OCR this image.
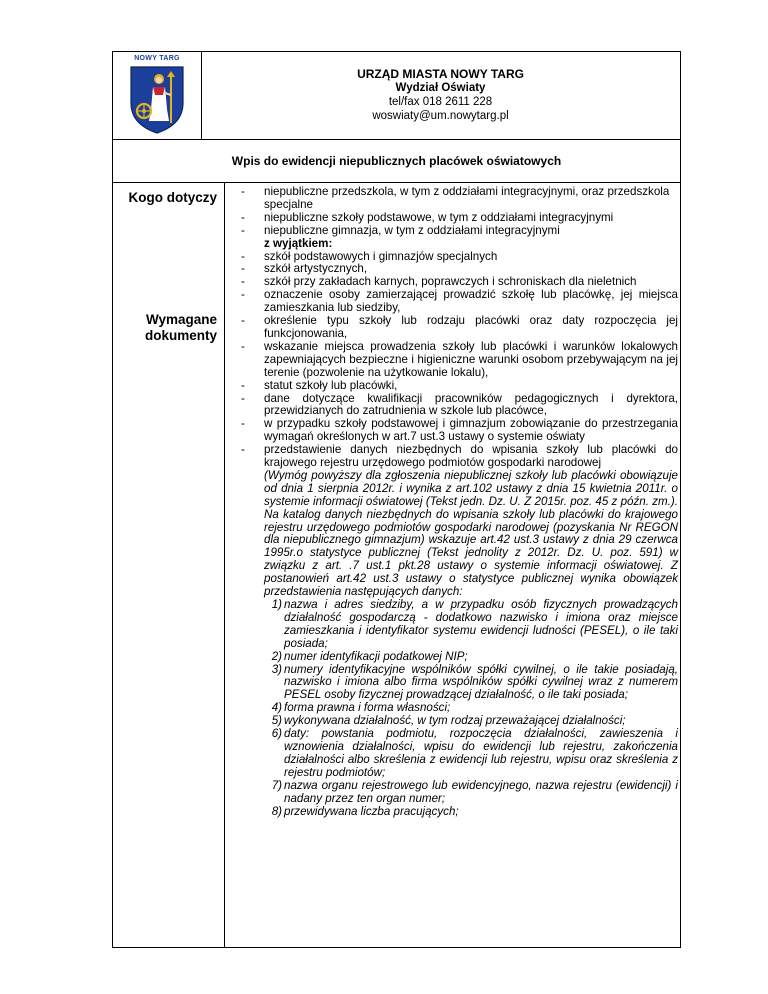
NOWY TARG
URZĄD MIASTA NOWY TARG
Wydział Oświaty
tel/fax 018 2611 228
woswiaty@um.nowytarg.pl
Wpis do ewidencji niepublicznych placówek oświatowych
Kogo dotyczy
Wymagane
dokumenty
- niepubliczne przedszkola, w tym z oddziałami integracyjnymi, oraz przedszkola specjalne
- niepubliczne szkoły podstawowe, w tym z oddziałami integracyjnymi
- niepubliczne gimnazja, w tym z oddziałami integracyjnymi
z wyjątkiem:
- szkół podstawowych i gimnazjów specjalnych
- szkół artystycznych,
- szkół przy zakładach karnych, poprawczych i schroniskach dla nieletnich
- oznaczenie osoby zamierzającej prowadzić szkołę lub placówkę, jej miejsca zamieszkania lub siedziby,
- określenie typu szkoły lub rodzaju placówki oraz daty rozpoczęcia jej funkcjonowania,
- wskazanie miejsca prowadzenia szkoły lub placówki i warunków lokalowych zapewniających bezpieczne i higieniczne warunki osobom przebywającym na jej terenie (pozwolenie na użytkowanie lokalu),
- statut szkoły lub placówki,
- dane dotyczące kwalifikacji pracowników pedagogicznych i dyrektora, przewidzianych do zatrudnienia w szkole lub placówce,
- w przypadku szkoły podstawowej i gimnazjum zobowiązanie do przestrzegania wymagań określonych w art.7 ust.3 ustawy o systemie oświaty
- przedstawienie danych niezbędnych do wpisania szkoły lub placówki do krajowego rejestru urzędowego podmiotów gospodarki narodowej
(Wymóg powyższy dla zgłoszenia niepublicznej szkoły lub placówki obowiązuje od dnia 1 sierpnia 2012r. i wynika z art.102 ustawy z dnia 15 kwietnia 2011r. o systemie informacji oświatowej (Tekst jedn. Dz. U. Z 2015r. poz. 45 z późn. zm.). Na katalog danych niezbędnych do wpisania szkoły lub placówki do krajowego rejestru urzędowego podmiotów gospodarki narodowej (pozyskania Nr REGON dla niepublicznego gimnazjum) wskazuje art.42 ust.3 ustawy z dnia 29 czerwca 1995r.o statystyce publicznej (Tekst jednolity z 2012r. Dz. U. poz. 591) w związku z art. .7 ust.1 pkt.28 ustawy o systemie informacji oświatowej. Z postanowień art.42 ust.3 ustawy o statystyce publicznej wynika obowiązek przedstawienia następujących danych:
1) nazwa i adres siedziby, a w przypadku osób fizycznych prowadzących działalność gospodarczą - dodatkowo nazwisko i imiona oraz miejsce zamieszkania i identyfikator systemu ewidencji ludności (PESEL), o ile taki posiada;
2) numer identyfikacji podatkowej NIP;
3) numery identyfikacyjne wspólników spółki cywilnej, o ile takie posiadają, nazwisko i imiona albo firma wspólników spółki cywilnej wraz z numerem PESEL osoby fizycznej prowadzącej działalność, o ile taki posiada;
4) forma prawna i forma własności;
5) wykonywana działalność, w tym rodzaj przeważającej działalności;
6) daty: powstania podmiotu, rozpoczęcia działalności, zawieszenia i wznowienia działalności, wpisu do ewidencji lub rejestru, zakończenia działalności albo skreślenia z ewidencji lub rejestru, wpisu oraz skreślenia z rejestru podmiotów;
7) nazwa organu rejestrowego lub ewidencyjnego, nazwa rejestru (ewidencji) i nadany przez ten organ numer;
8) przewidywana liczba pracujących;
